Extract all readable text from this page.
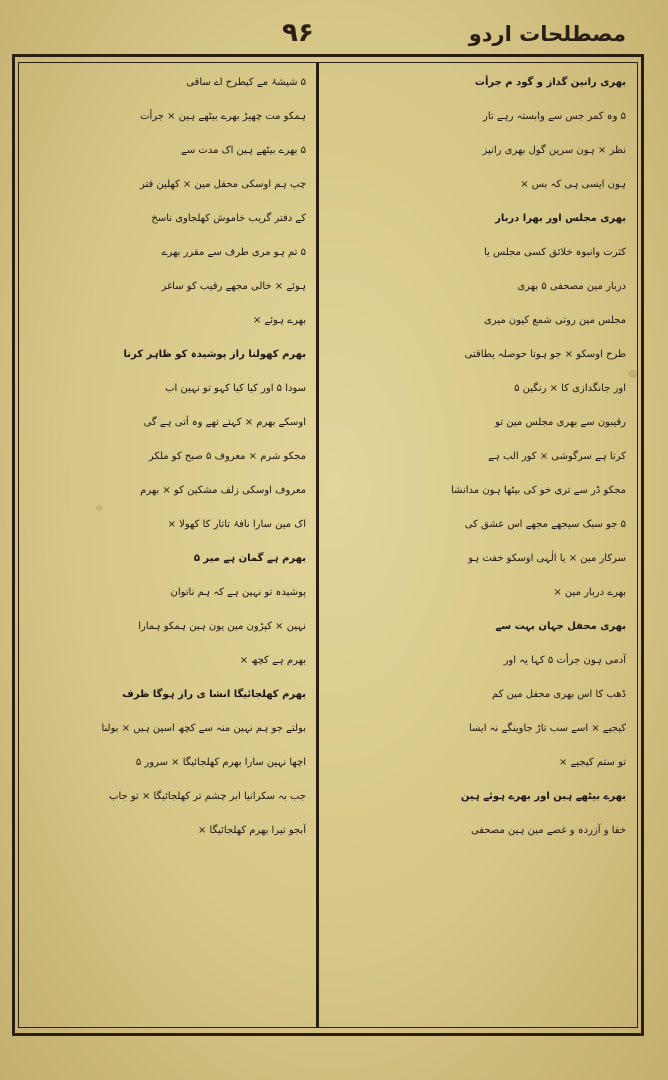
مصطلحات اردو
۹۶

بھری رانین گداز و گود م جرأت

۵ وہ کمر جس سے وابستہ رہے تار

نظر × ہون سرین گول بھری رانیز

ہون ایسی ہی کہ بس ×

بھری مجلس اور بھرا دربار

کثرت وانبوہ خلائق کسی مجلس یا

دربار مین مصحفی ۵ بھری

مجلس مین روتی شمع کیون میری

طرح اوسکو × جو ہوتا حوصلہ یطاقتی

اور جانگدازی کا × رنگین ۵

رقیبون سے بھری مجلس مین تو

کرتا ہے سرگوشی × کور الب ہے

مجکو ڈر سے تری خو کی بیٹھا ہون مدانشا

۵ جو سبک سیجھے مجھے اس عشق کی

سرکار مین × یا الٰہی اوسکو خفت ہو

بھرے دربار مین ×

بھری محفل جہان بہت سے

آدمی ہون جرأت ۵ کہا یہ اور

ڈھب کا اس بھری محفل مین کم

کیجیے × اسے سب تاڑ جاوینگے نہ ایسا

تو ستم کیجیے ×

بھرے بیٹھے ہین اور بھرے ہوئے ہین

خفا و آزردہ و غصے مین ہین مصحفی

۵ شیشۂ مے کیطرح اے ساقی

ہمکو مت چھیڑ بھرے بیٹھے ہین × جرأت

۵ بھرے بیٹھے ہین اک مدت سے

چپ ہم اوسکی محفل مین × کھلین فتر

کے دفتر گریب خاموش کھلجاوی ناسخ

۵ تم ہو مری طرف سے مقرر بھرے

ہوئے × خالی مجھے رقیب کو ساغر

بھرے ہوئے ×

بھرم کھولنا راز پوشیدہ کو ظاہر کرنا

سودا ۵ اور کیا کیا کہو تو نہین اب

اوسکے بھرم × کہتے تھے وہ آتی ہے گی

مجکو شرم × معروف ۵ صبح کو ملکر

معروف اوسکی زلف مشکین کو × بھرم

اک مین سارا نافۂ تاتار کا کھولا ×

بھرم ہے گمان ہے میر ۵

پوشیدہ تو نہین ہے کہ ہم ناتوان

نہین × کپڑون مین یون ہین ہمکو ہمارا

بھرم ہے کچھ ×

بھرم کھلجائیگا انشا ی راز ہوگا ظرف

بولتے جو ہم نہین منہ سے کچھ اسین ہیں × بولنا

اچھا نہین سارا بھرم کھلجائیگا × سرور ۵

جب بہ سکرانیا ابر چشم تر کھلجائیگا × تو جاب

آبجو تیرا بھرم کھلجائیگا ×
